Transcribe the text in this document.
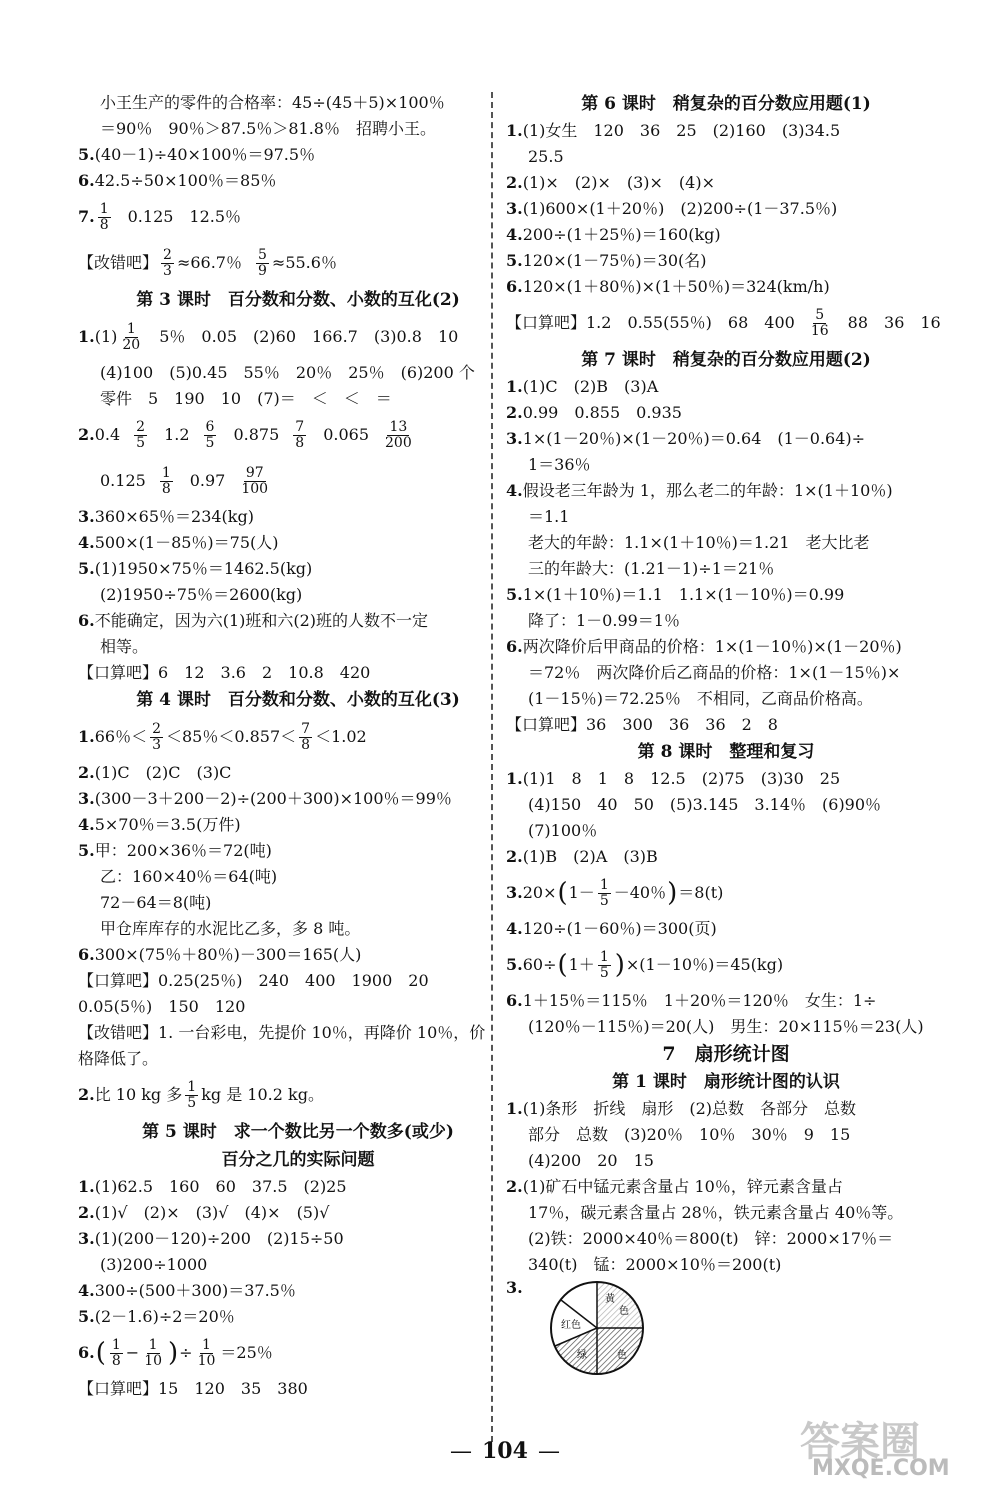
小王生产的零件的合格率：45÷(45＋5)×100％
＝90％　90％＞87.5％＞81.8％　招聘小王。
5. (40－1)÷40×100％＝97.5％
6. 42.5÷50×100％＝85％
7. $\frac{1}{8} 0.125$　12.5％
【改错吧】 $\frac{2}{3} \approx 66.7$％ $\frac{5}{9} \approx 55.6$％
第 3 课时　百分数和分数、小数的互化(2)
1. $(1) \frac{1}{20} 5$％　0.05　(2)60　166.7　(3)0.8　10
(4)100　(5)0.45　55％　20％　25％　(6)200 个
零件　5　190　10　(7)＝　＜　＜　＝
2. $0.4 \frac{2}{5} 1.2 \frac{6}{5} 0.875 \frac{7}{8} 0.065 \frac{13}{200}$
$0.125 \frac{1}{8} 0.97 \frac{97}{100}$
3. 360×65％＝234(kg)
4. 500×(1－85％)＝75(人)
5. (1)1950×75％＝1462.5(kg)
(2)1950÷75％＝2600(kg)
6. 不能确定，因为六(1)班和六(2)班的人数不一定
相等。
【口算吧】6　12　3.6　2　10.8　420
第 4 课时　百分数和分数、小数的互化(3)
1. 66％＜ $\frac{2}{3} <85$％$<0.857< \frac{7}{8} <1.02$
2. (1)C　(2)C　(3)C
3. (300－3＋200－2)÷(200＋300)×100％＝99％
4. 5×70％＝3.5(万件)
5. 甲：200×36％＝72(吨)
乙：160×40％＝64(吨)
72－64＝8(吨)
甲仓库库存的水泥比乙多，多 8 吨。
6. 300×(75％＋80％)－300＝165(人)
【口算吧】0.25(25％)　240　400　1900　20
0.05(5％)　150　120
【改错吧】1. 一台彩电，先提价 10％，再降价 10％，价
格降低了。
2. 比 10 kg 多 $\frac{1}{5}$ kg 是 10.2 kg。
第 5 课时　求一个数比另一个数多(或少)
百分之几的实际问题
1. (1)62.5　160　60　37.5　(2)25
2. (1)√　(2)×　(3)√　(4)×　(5)√
3. (1)(200－120)÷200　(2)15÷50
(3)200÷1000
4. 300÷(500＋300)＝37.5％
5. (2－1.6)÷2＝20％
6. ( $\frac{1}{8} - \frac{1}{10}$ ) ÷ $\frac{1}{10} =25$％
【口算吧】15　120　35　380
第 6 课时　稍复杂的百分数应用题(1)
1. (1)女生　120　36　25　(2)160　(3)34.5
25.5
2. (1)×　(2)×　(3)×　(4)×
3. (1)600×(1＋20％)　(2)200÷(1－37.5％)
4. 200÷(1＋25％)＝160(kg)
5. 120×(1－75％)＝30(名)
6. 120×(1＋80％)×(1＋50％)＝324(km/h)
【口算吧】1.2　0.55(55％)　68　$400 \frac{5}{16} 88$　36　16
第 7 课时　稍复杂的百分数应用题(2)
1. (1)C　(2)B　(3)A
2. 0.99　0.855　0.935
3. 1×(1－20％)×(1－20％)＝0.64　(1－0.64)÷
1＝36％
4. 假设老三年龄为 1，那么老二的年龄：1×(1＋10％)
＝1.1
老大的年龄：1.1×(1＋10％)＝1.21　老大比老
三的年龄大：(1.21－1)÷1＝21％
5. 1×(1＋10％)＝1.1　1.1×(1－10％)＝0.99
降了：1－0.99＝1％
6. 两次降价后甲商品的价格：1×(1－10％)×(1－20％)
＝72％　两次降价后乙商品的价格：1×(1－15％)×
(1－15％)＝72.25％　不相同，乙商品价格高。
【口算吧】36　300　36　36　2　8
第 8 课时　整理和复习
1. (1)1　8　1　8　12.5　(2)75　(3)30　25
(4)150　40　50　(5)3.145　3.14％　(6)90％
(7)100％
2. (1)B　(2)A　(3)B
3. 20× ( $1- \frac{1}{5} -40$％ ) ＝8(t)
4. 120÷(1－60％)＝300(页)
5. 60÷ ( $1+ \frac{1}{5}$ ) ×(1－10％)＝45(kg)
6. 1＋15％＝115％　1＋20％＝120％　女生：1÷
(120％－115％)＝20(人)　男生：20×115％＝23(人)
7　扇形统计图
第 1 课时　扇形统计图的认识
1. (1)条形　折线　扇形　(2)总数　各部分　总数
部分　总数　(3)20％　10％　30％　9　15
(4)200　20　15
2. (1)矿石中锰元素含量占 10％，锌元素含量占
17％，碳元素含量占 28％，铁元素含量占 40％等。
(2)铁：2000×40％＝800(t)　锌：2000×17％＝
340(t)　锰：2000×10％＝200(t)
3.
红色
黄
色
绿	色
— 104 —	答案圈
MXQE.COM
